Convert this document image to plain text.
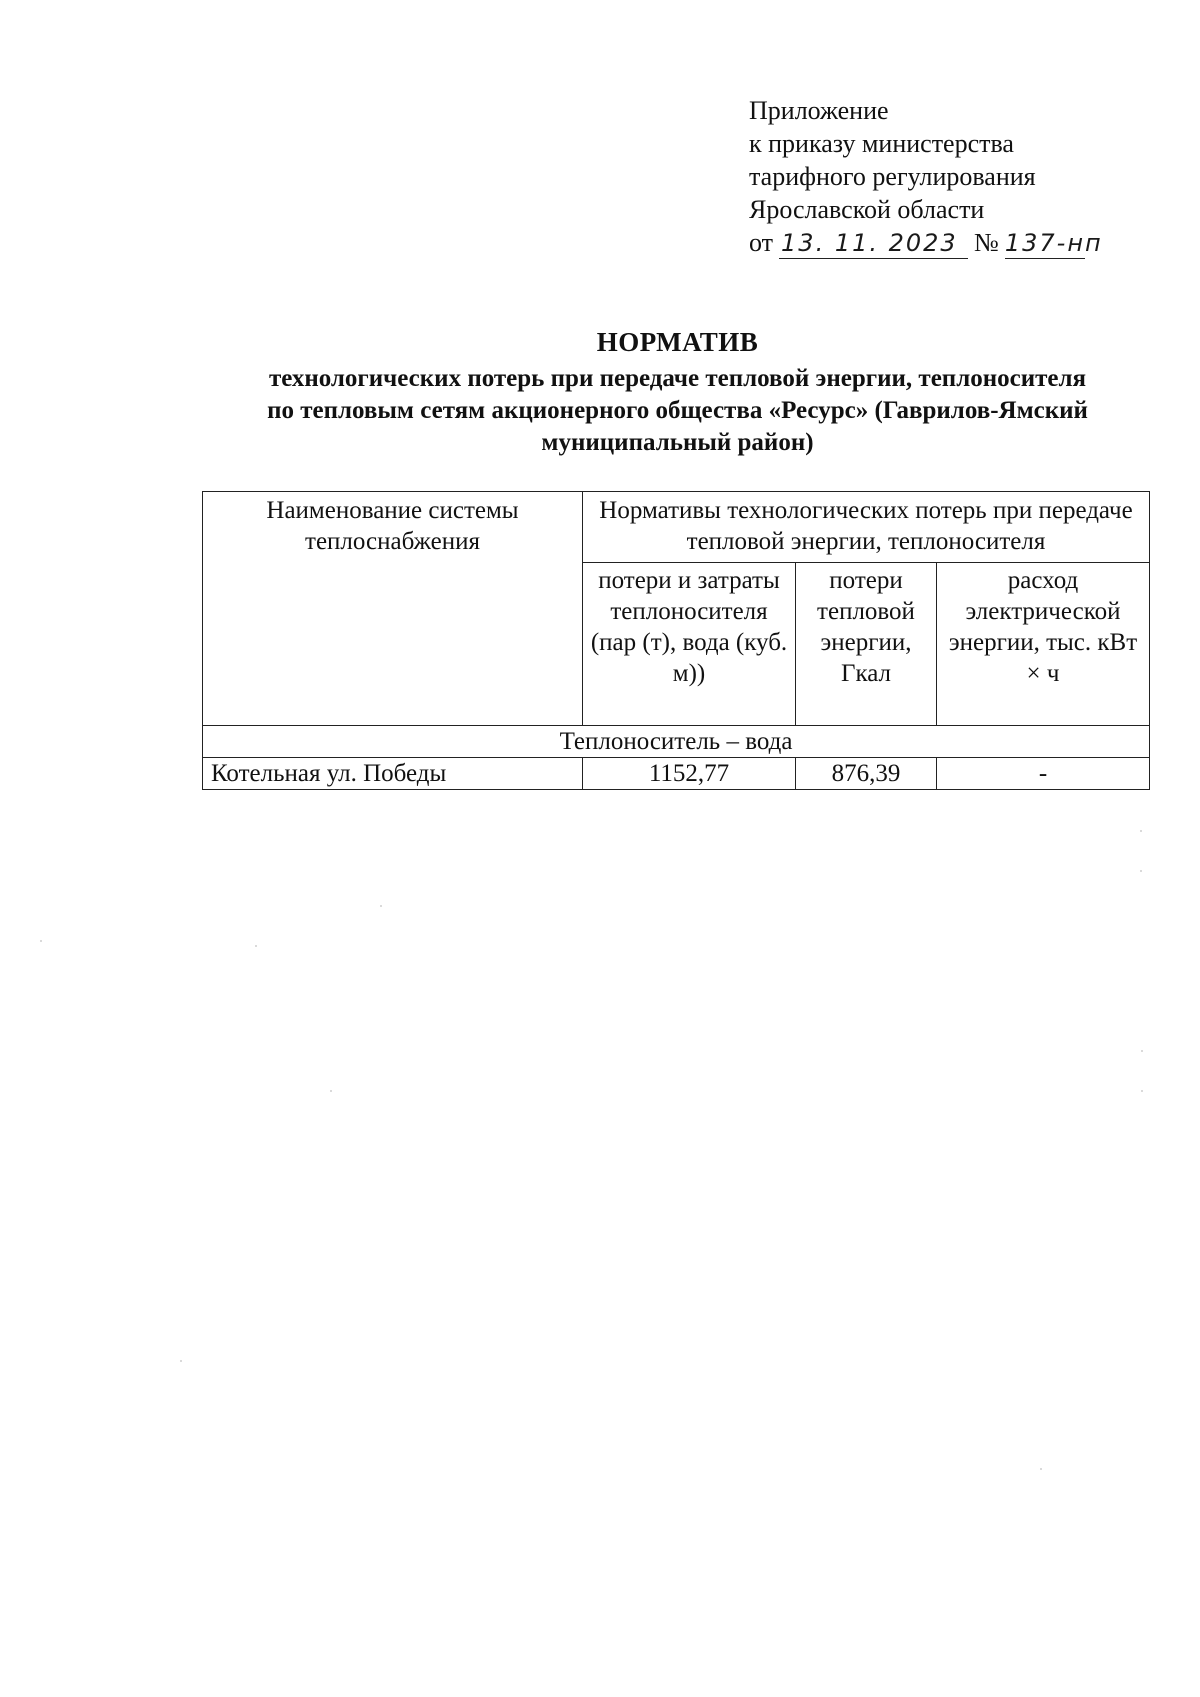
Приложение
к приказу министерства
тарифного регулирования
Ярославской области
от 13. 11. 2023 № 137-нп
НОРМАТИВ
технологических потерь при передаче тепловой энергии, теплоносителя
по тепловым сетям акционерного общества «Ресурс» (Гаврилов-Ямский
муниципальный район)
Наименование системы теплоснабжения	Нормативы технологических потерь при передаче тепловой энергии, теплоносителя		
	потери и затраты теплоносителя (пар (т), вода (куб. м))	потери тепловой энергии, Гкал	расход электрической энергии, тыс. кВт × ч
Теплоноситель – вода			
Котельная ул. Победы	1152,77	876,39	-
